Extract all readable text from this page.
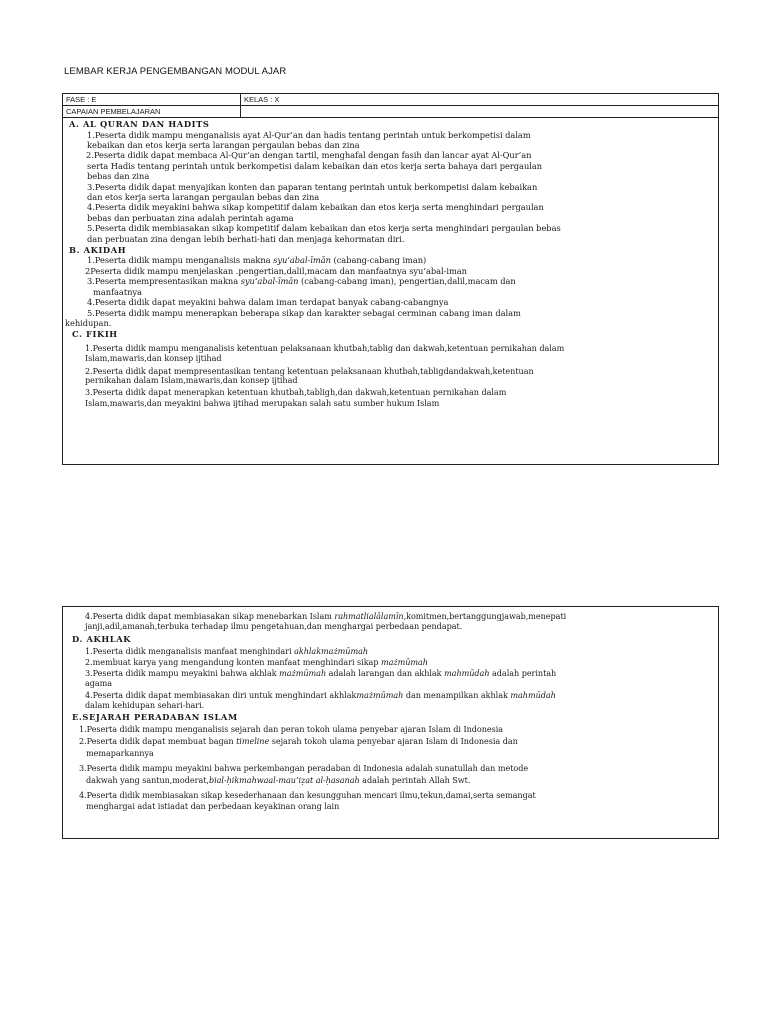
LEMBAR KERJA PENGEMBANGAN MODUL AJAR
FASE : E	KELAS : X
CAPAIAN PEMBELAJARAN
A. AL QURAN DAN HADITS

1.Peserta didik mampu menganalisis ayat Al-Qur’an dan hadis tentang perintah untuk berkompetisi dalam

kebaikan dan etos kerja serta larangan pergaulan bebas dan zina

2.Peserta didik dapat membaca Al-Qur’an dengan tartil, menghafal dengan fasih dan lancar ayat Al-Qur’an

serta Hadis tentang perintah untuk berkompetisi dalam kebaikan dan etos kerja serta bahaya dari pergaulan

bebas dan zina

3.Peserta didik dapat menyajikan konten dan paparan tentang perintah untuk berkompetisi dalam kebaikan

dan etos kerja serta larangan pergaulan bebas dan zina

4.Peserta didik meyakini bahwa sikap kompetitif dalam kebaikan dan etos kerja serta menghindari pergaulan

bebas dan perbuatan zina adalah perintah agama

5.Peserta didik membiasakan sikap kompetitif dalam kebaikan dan etos kerja serta menghindari pergaulan bebas

dan perbuatan zina dengan lebih berhati-hati dan menjaga kehormatan diri.

B. AKIDAH

1.Peserta didik mampu menganalisis makna syu‘abal-īmān (cabang-cabang iman)

2Peserta didik mampu menjelaskan .pengertian,dalil,macam dan manfaatnya syu’abal-iman

3.Peserta mempresentasikan makna syu‘abal-īmān (cabang-cabang iman), pengertian,dalil,macam dan

manfaatnya

4.Peserta didik dapat meyakini bahwa dalam iman terdapat banyak cabang-cabangnya

5.Peserta didik mampu menerapkan beberapa sikap dan karakter sebagai cerminan cabang iman dalam

kehidupan.

C. FIKIH

1.Peserta didik mampu menganalisis ketentuan pelaksanaan khutbah,tablig dan dakwah,ketentuan pernikahan dalam

Islam,mawaris,dan konsep ijtihad

2.Peserta didik dapat mempresentasikan tentang ketentuan pelaksanaan khutbah,tabligdandakwah,ketentuan

pernikahan dalam Islam,mawaris,dan konsep ijtihad

3.Peserta didik dapat menerapkan ketentuan khutbah,tabligh,dan dakwah,ketentuan pernikahan dalam

Islam,mawaris,dan meyakini bahwa ijtihad merupakan salah satu sumber hukum Islam

4.Peserta didik dapat membiasakan sikap menebarkan Islam rahmatlialālamīn,komitmen,bertanggungjawab,menepati

janji,adil,amanah,terbuka terhadap ilmu pengetahuan,dan menghargai perbedaan pendapat.

D. AKHLAK

1.Peserta didik menganalisis manfaat menghindari akhlakmażmūmah

2.membuat karya yang mengandung konten manfaat menghindari sikap mażmūmah

3.Peserta didik mampu meyakini bahwa akhlak mażmūmah adalah larangan dan akhlak mahmūdah adalah perintah

agama

4.Peserta didik dapat membiasakan diri untuk menghindari akhlakmażmūmah dan menampilkan akhlak mahmūdah

dalam kehidupan sehari-hari.

E.SEJARAH PERADABAN ISLAM

1.Peserta didik mampu menganalisis sejarah dan peran tokoh ulama penyebar ajaran Islam di Indonesia

2.Peserta didik dapat membuat bagan timeline sejarah tokoh ulama penyebar ajaran Islam di Indonesia dan

memaparkannya

3.Peserta didik mampu meyakini bahwa perkembangan peradaban di Indonesia adalah sunatullah dan metode

dakwah yang santun,moderat,bial-ḥikmahwaal-mau‘iẓat al-ḥasanah adalah perintah Allah Swt.

4.Peserta didik membiasakan sikap kesederhanaan dan kesungguhan mencari ilmu,tekun,damai,serta semangat

menghargai adat istiadat dan perbedaan keyakinan orang lain
